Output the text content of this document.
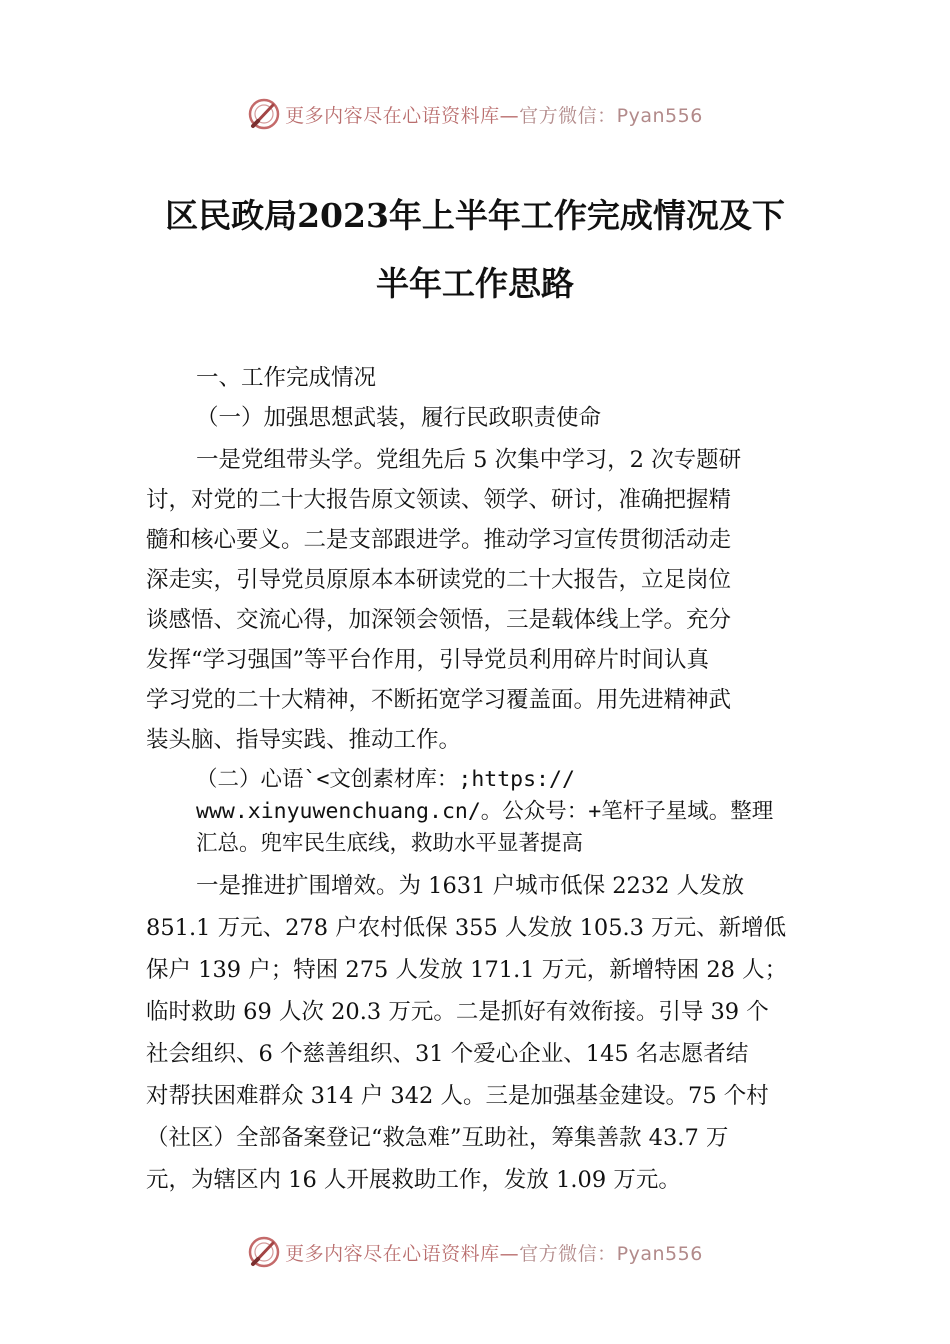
更多内容尽在心语资料库—官方微信：Pyan556
区民政局2023年上半年工作完成情况及下
半年工作思路
一、工作完成情况
（一）加强思想武装，履行民政职责使命
一是党组带头学。党组先后 5 次集中学习，2 次专题研
讨，对党的二十大报告原文领读、领学、研讨，准确把握精
髓和核心要义。二是支部跟进学。推动学习宣传贯彻活动走
深走实，引导党员原原本本研读党的二十大报告，立足岗位
谈感悟、交流心得，加深领会领悟，三是载体线上学。充分
发挥“学习强国”等平台作用，引导党员利用碎片时间认真
学习党的二十大精神，不断拓宽学习覆盖面。用先进精神武
装头脑、指导实践、推动工作。
（二）心语`<文创素材库：;https://
www.xinyuwenchuang.cn/。公众号：+笔杆子星域。整理
汇总。兜牢民生底线，救助水平显著提高
一是推进扩围增效。为 1631 户城市低保 2232 人发放
851.1 万元、278 户农村低保 355 人发放 105.3 万元、新增低
保户 139 户；特困 275 人发放 171.1 万元，新增特困 28 人；
临时救助 69 人次 20.3 万元。二是抓好有效衔接。引导 39 个
社会组织、6 个慈善组织、31 个爱心企业、145 名志愿者结
对帮扶困难群众 314 户 342 人。三是加强基金建设。75 个村
（社区）全部备案登记“救急难”互助社，筹集善款 43.7 万
元，为辖区内 16 人开展救助工作，发放 1.09 万元。
更多内容尽在心语资料库—官方微信：Pyan556
